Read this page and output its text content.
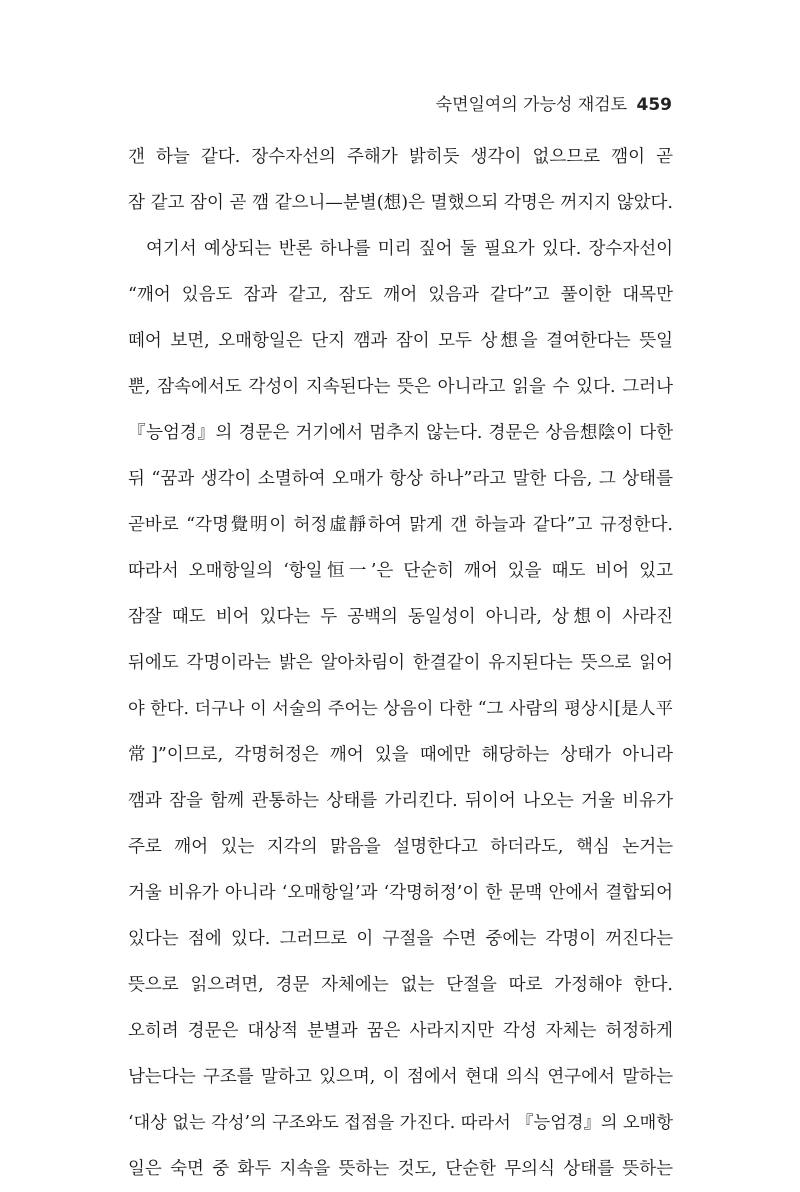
숙면일여의 가능성 재검토 459
갠 하늘 같다. 장수자선의 주해가 밝히듯 생각이 없으므로 깸이 곧
잠 같고 잠이 곧 깸 같으니—분별(想)은 멸했으되 각명은 꺼지지 않았다.
여기서 예상되는 반론 하나를 미리 짚어 둘 필요가 있다. 장수자선이
“깨어 있음도 잠과 같고, 잠도 깨어 있음과 같다”고 풀이한 대목만
떼어 보면, 오매항일은 단지 깸과 잠이 모두 상想을 결여한다는 뜻일
뿐, 잠속에서도 각성이 지속된다는 뜻은 아니라고 읽을 수 있다. 그러나
『능엄경』의 경문은 거기에서 멈추지 않는다. 경문은 상음想陰이 다한
뒤 “꿈과 생각이 소멸하여 오매가 항상 하나”라고 말한 다음, 그 상태를
곧바로 “각명覺明이 허정虛靜하여 맑게 갠 하늘과 같다”고 규정한다.
따라서 오매항일의 ‘항일恒一’은 단순히 깨어 있을 때도 비어 있고
잠잘 때도 비어 있다는 두 공백의 동일성이 아니라, 상想이 사라진
뒤에도 각명이라는 밝은 알아차림이 한결같이 유지된다는 뜻으로 읽어
야 한다. 더구나 이 서술의 주어는 상음이 다한 “그 사람의 평상시[是人平
常]”이므로, 각명허정은 깨어 있을 때에만 해당하는 상태가 아니라
깸과 잠을 함께 관통하는 상태를 가리킨다. 뒤이어 나오는 거울 비유가
주로 깨어 있는 지각의 맑음을 설명한다고 하더라도, 핵심 논거는
거울 비유가 아니라 ‘오매항일’과 ‘각명허정’이 한 문맥 안에서 결합되어
있다는 점에 있다. 그러므로 이 구절을 수면 중에는 각명이 꺼진다는
뜻으로 읽으려면, 경문 자체에는 없는 단절을 따로 가정해야 한다.
오히려 경문은 대상적 분별과 꿈은 사라지지만 각성 자체는 허정하게
남는다는 구조를 말하고 있으며, 이 점에서 현대 의식 연구에서 말하는
‘대상 없는 각성’의 구조와도 접점을 가진다. 따라서 『능엄경』의 오매항
일은 숙면 중 화두 지속을 뜻하는 것도, 단순한 무의식 상태를 뜻하는
